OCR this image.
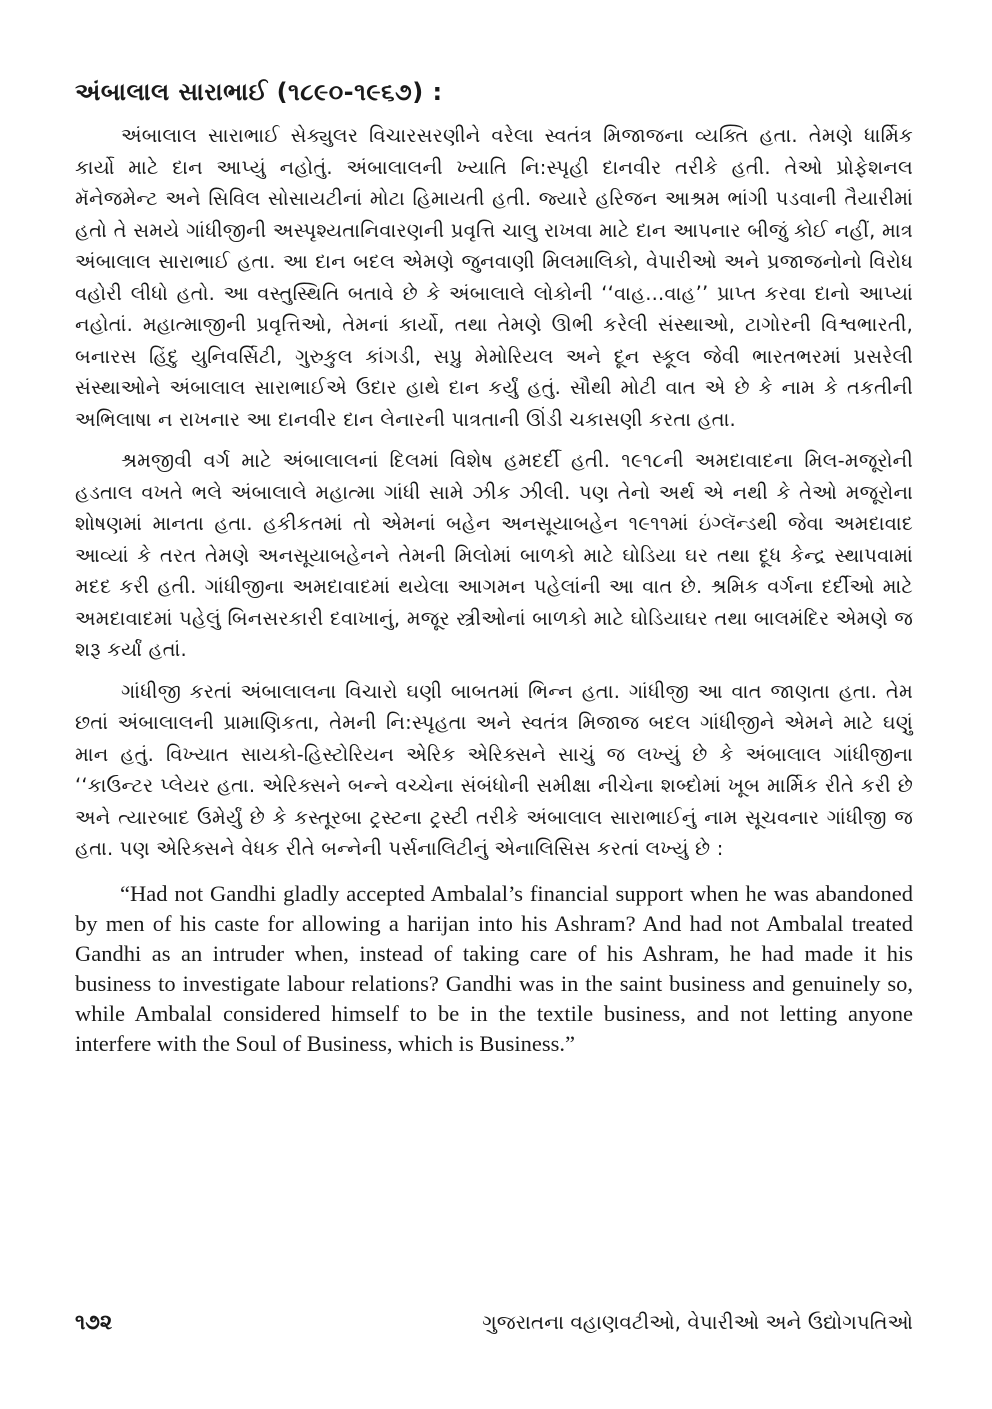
અંબાલાલ સારાભાઈ (૧૮૯૦-૧૯૬૭) :

અંબાલાલ સારાભાઈ સેક્યુલર વિચારસરણીને વરેલા સ્વતંત્ર મિજાજના વ્યક્તિ હતા. તેમણે ધાર્મિક કાર્યો માટે દાન આપ્યું નહોતું. અંબાલાલની ખ્યાતિ નિ:સ્પૃહી દાનવીર તરીકે હતી. તેઓ પ્રોફેશનલ મૅનેજમેન્ટ અને સિવિલ સોસાયટીનાં મોટા હિમાયતી હતી. જ્યારે હરિજન આશ્રમ ભાંગી પડવાની તૈયારીમાં હતો તે સમયે ગાંધીજીની અસ્પૃશ્યતાનિવારણની પ્રવૃત્તિ ચાલુ રાખવા માટે દાન આપનાર બીજું કોઈ નહીં, માત્ર અંબાલાલ સારાભાઈ હતા. આ દાન બદલ એમણે જુનવાણી મિલમાલિકો, વેપારીઓ અને પ્રજાજનોનો વિરોધ વહોરી લીધો હતો. આ વસ્તુસ્થિતિ બતાવે છે કે અંબાલાલે લોકોની ‘‘વાહ...વાહ’’ પ્રાપ્ત કરવા દાનો આપ્યાં નહોતાં. મહાત્માજીની પ્રવૃત્તિઓ, તેમનાં કાર્યો, તથા તેમણે ઊભી કરેલી સંસ્થાઓ, ટાગોરની વિશ્વભારતી, બનારસ હિંદુ યુનિવર્સિટી, ગુરુકુલ કાંગડી, સપ્રુ મેમોરિયલ અને દૂન સ્કૂલ જેવી ભારતભરમાં પ્રસરેલી સંસ્થાઓને અંબાલાલ સારાભાઈએ ઉદાર હાથે દાન કર્યું હતું. સૌથી મોટી વાત એ છે કે નામ કે તકતીની અભિલાષા ન રાખનાર આ દાનવીર દાન લેનારની પાત્રતાની ઊંડી ચકાસણી કરતા હતા.

શ્રમજીવી વર્ગ માટે અંબાલાલનાં દિલમાં વિશેષ હમદર્દી હતી. ૧૯૧૮ની અમદાવાદના મિલ-મજૂરોની હડતાલ વખતે ભલે અંબાલાલે મહાત્મા ગાંધી સામે ઝીક ઝીલી. પણ તેનો અર્થ એ નથી કે તેઓ મજૂરોના શોષણમાં માનતા હતા. હકીકતમાં તો એમનાં બહેન અનસૂયાબહેન ૧૯૧૧માં ઇંગ્લૅન્ડથી જેવા અમદાવાદ આવ્યાં કે તરત તેમણે અનસૂયાબહેનને તેમની મિલોમાં બાળકો માટે ઘોડિયા ઘર તથા દૂધ કેન્દ્ર સ્થાપવામાં મદદ કરી હતી. ગાંધીજીના અમદાવાદમાં થયેલા આગમન પહેલાંની આ વાત છે. શ્રમિક વર્ગના દર્દીઓ માટે અમદાવાદમાં પહેલું બિનસરકારી દવાખાનું, મજૂર સ્ત્રીઓનાં બાળકો માટે ઘોડિયાઘર તથા બાલમંદિર એમણે જ શરૂ કર્યાં હતાં.

ગાંધીજી કરતાં અંબાલાલના વિચારો ઘણી બાબતમાં ભિન્ન હતા. ગાંધીજી આ વાત જાણતા હતા. તેમ છતાં અંબાલાલની પ્રામાણિકતા, તેમની નિ:સ્પૃહતા અને સ્વતંત્ર મિજાજ બદલ ગાંધીજીને એમને માટે ઘણું માન હતું. વિખ્યાત સાયકો-હિસ્ટોરિયન એરિક એરિક્સને સાચું જ લખ્યું છે કે અંબાલાલ ગાંધીજીના ‘‘કાઉન્ટર પ્લેયર હતા. એરિક્સને બન્ને વચ્ચેના સંબંધોની સમીક્ષા નીચેના શબ્દોમાં ખૂબ માર્મિક રીતે કરી છે અને ત્યારબાદ ઉમેર્યું છે કે કસ્તૂરબા ટ્રસ્ટના ટ્રસ્ટી તરીકે અંબાલાલ સારાભાઈનું નામ સૂચવનાર ગાંધીજી જ હતા. પણ એરિક્સને વેધક રીતે બન્નેની પર્સનાલિટીનું એનાલિસિસ કરતાં લખ્યું છે :

“Had not Gandhi gladly accepted Ambalal’s financial support when he was abandoned by men of his caste for allowing a harijan into his Ashram? And had not Ambalal treated Gandhi as an intruder when, instead of taking care of his Ashram, he had made it his business to investigate labour relations? Gandhi was in the saint business and genuinely so, while Ambalal considered himself to be in the textile business, and not letting anyone interfere with the Soul of Business, which is Business.”

૧૭૨	ગુજરાતના વહાણવટીઓ, વેપારીઓ અને ઉદ્યોગપતિઓ
